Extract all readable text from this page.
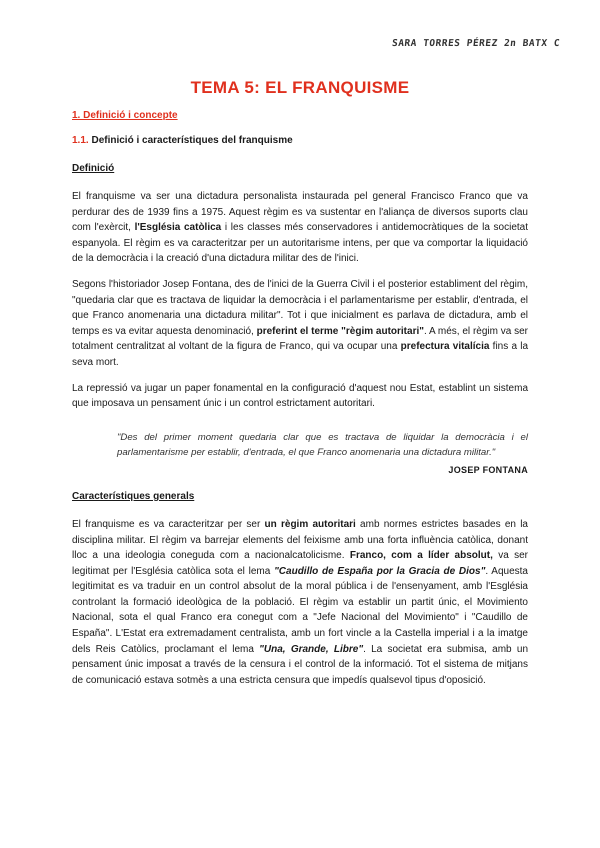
SARA TORRES PÉREZ 2n BATX C
TEMA 5: EL FRANQUISME
1. Definició i concepte
1.1. Definició i característiques del franquisme
Definició

El franquisme va ser una dictadura personalista instaurada pel general Francisco Franco que va perdurar des de 1939 fins a 1975. Aquest règim es va sustentar en l'aliança de diversos suports clau com l'exèrcit, l'Església catòlica i les classes més conservadores i antidemocràtiques de la societat espanyola. El règim es va caracteritzar per un autoritarisme intens, per que va comportar la liquidació de la democràcia i la creació d'una dictadura militar des de l'inici.

Segons l'historiador Josep Fontana, des de l'inici de la Guerra Civil i el posterior establiment del règim, "quedaria clar que es tractava de liquidar la democràcia i el parlamentarisme per establir, d'entrada, el que Franco anomenaria una dictadura militar". Tot i que inicialment es parlava de dictadura, amb el temps es va evitar aquesta denominació, preferint el terme "règim autoritari". A més, el règim va ser totalment centralitzat al voltant de la figura de Franco, qui va ocupar una prefectura vitalícia fins a la seva mort.

La repressió va jugar un paper fonamental en la configuració d'aquest nou Estat, establint un sistema que imposava un pensament únic i un control estrictament autoritari.

"Des del primer moment quedaria clar que es tractava de liquidar la democràcia i el parlamentarisme per establir, d'entrada, el que Franco anomenaria una dictadura militar."
JOSEP FONTANA
Característiques generals

El franquisme es va caracteritzar per ser un règim autoritari amb normes estrictes basades en la disciplina militar. El règim va barrejar elements del feixisme amb una forta influència catòlica, donant lloc a una ideologia coneguda com a nacionalcatolicisme. Franco, com a líder absolut, va ser legitimat per l'Església catòlica sota el lema "Caudillo de España por la Gracia de Dios". Aquesta legitimitat es va traduir en un control absolut de la moral pública i de l'ensenyament, amb l'Església controlant la formació ideològica de la població. El règim va establir un partit únic, el Movimiento Nacional, sota el qual Franco era conegut com a "Jefe Nacional del Movimiento" i "Caudillo de España". L'Estat era extremadament centralista, amb un fort vincle a la Castella imperial i a la imatge dels Reis Catòlics, proclamant el lema "Una, Grande, Libre". La societat era submisa, amb un pensament únic imposat a través de la censura i el control de la informació. Tot el sistema de mitjans de comunicació estava sotmès a una estricta censura que impedís qualsevol tipus d'oposició.
